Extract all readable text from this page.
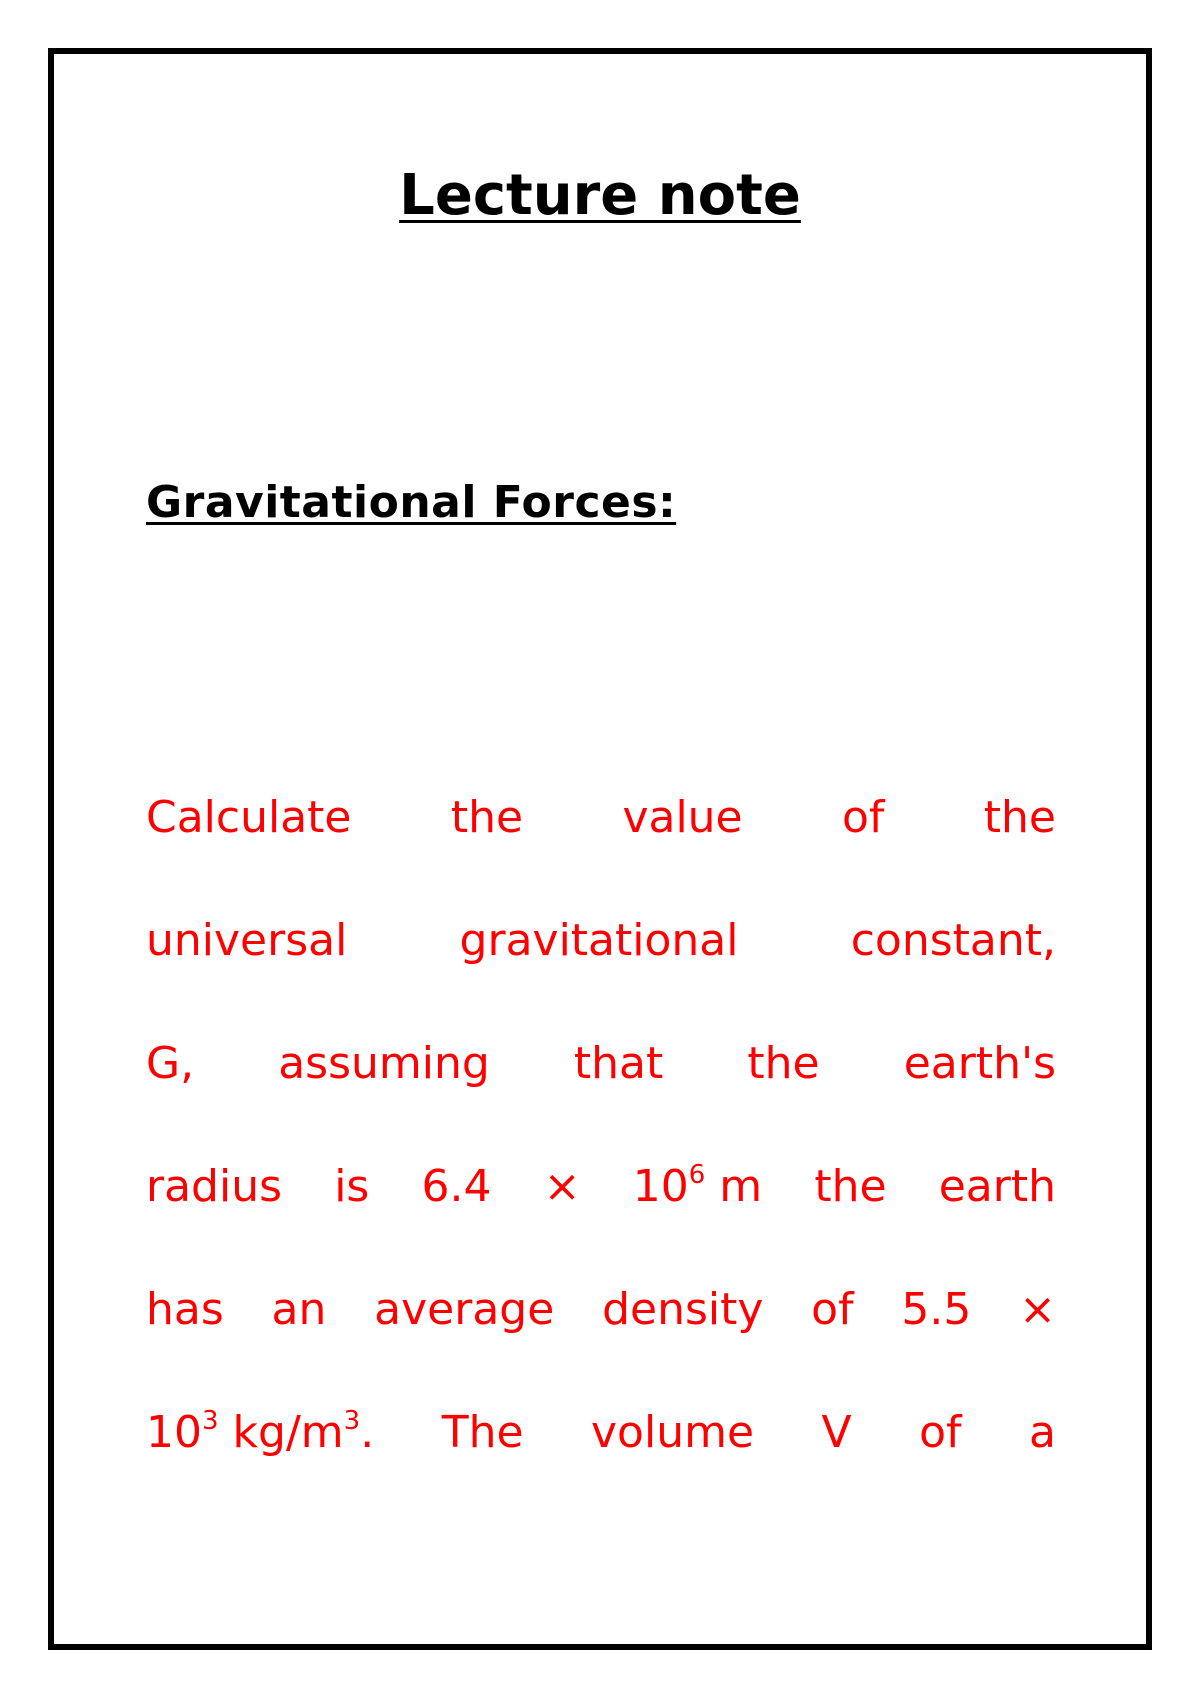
Lecture note
Gravitational Forces:
Calculate the value of the
universal	gravitational	constant,
G, assuming that the earth's
radius is $6.4 \times 10^6$ m the earth
has an average density of 5.5 ×
$10^3$ $kg/m^3$. The volume V of a
